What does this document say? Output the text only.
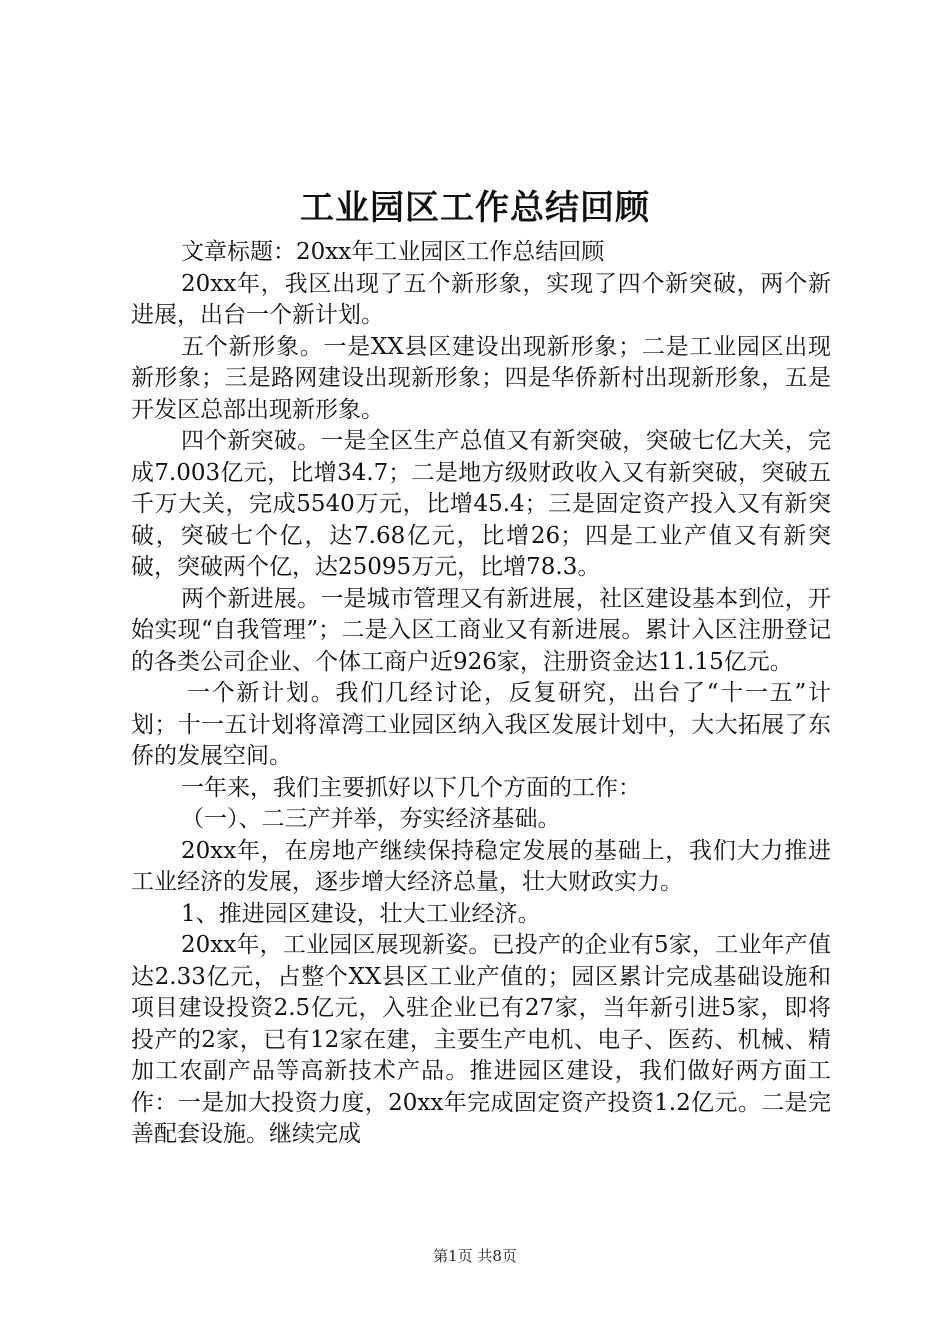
工业园区工作总结回顾

文章标题：20xx年工业园区工作总结回顾

20xx年，我区出现了五个新形象，实现了四个新突破，两个新进展，出台一个新计划。

五个新形象。一是XX县区建设出现新形象；二是工业园区出现新形象；三是路网建设出现新形象；四是华侨新村出现新形象，五是开发区总部出现新形象。

四个新突破。一是全区生产总值又有新突破，突破七亿大关，完成7.003亿元，比增34.7；二是地方级财政收入又有新突破，突破五千万大关，完成5540万元，比增45.4；三是固定资产投入又有新突破，突破七个亿，达7.68亿元，比增26；四是工业产值又有新突破，突破两个亿，达25095万元，比增78.3。

两个新进展。一是城市管理又有新进展，社区建设基本到位，开始实现“自我管理”；二是入区工商业又有新进展。累计入区注册登记的各类公司企业、个体工商户近926家，注册资金达11.15亿元。

一个新计划。我们几经讨论，反复研究，出台了“十一五”计划；十一五计划将漳湾工业园区纳入我区发展计划中，大大拓展了东侨的发展空间。

一年来，我们主要抓好以下几个方面的工作：

（一）、二三产并举，夯实经济基础。

20xx年，在房地产继续保持稳定发展的基础上，我们大力推进工业经济的发展，逐步增大经济总量，壮大财政实力。

1、推进园区建设，壮大工业经济。

20xx年，工业园区展现新姿。已投产的企业有5家，工业年产值达2.33亿元，占整个XX县区工业产值的；园区累计完成基础设施和项目建设投资2.5亿元，入驻企业已有27家，当年新引进5家，即将投产的2家，已有12家在建，主要生产电机、电子、医药、机械、精加工农副产品等高新技术产品。推进园区建设，我们做好两方面工作：一是加大投资力度，20xx年完成固定资产投资1.2亿元。二是完善配套设施。继续完成

第1页 共8页
